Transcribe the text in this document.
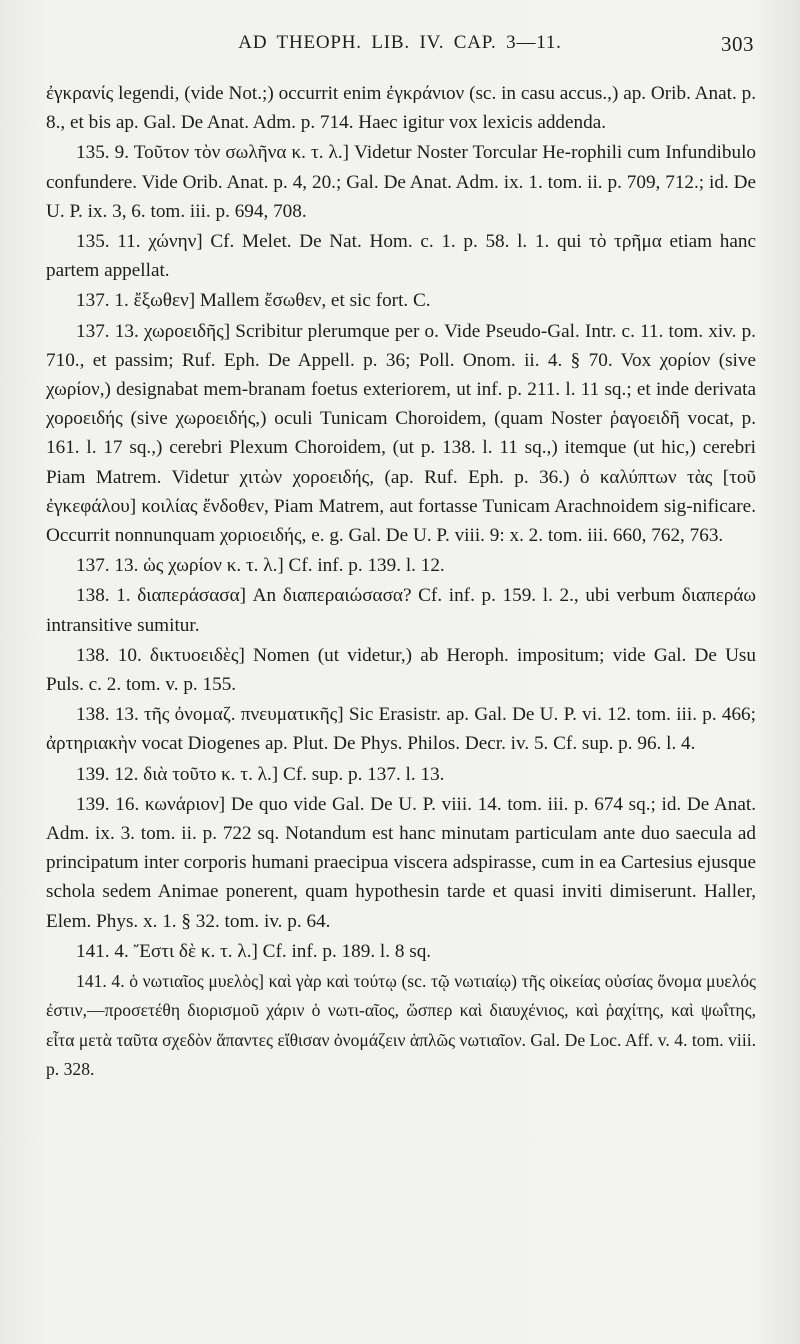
AD THEOPH. LIB. IV. CAP. 3—11.	303

ἐγκρανίς legendi, (vide Not.;) occurrit enim ἐγκράνιον (sc. in casu accus.,) ap. Orib. Anat. p. 8., et bis ap. Gal. De Anat. Adm. p. 714. Haec igitur vox lexicis addenda.

135. 9. Τοῦτον τὸν σωλῆνα κ. τ. λ.] Videtur Noster Torcular He-rophili cum Infundibulo confundere. Vide Orib. Anat. p. 4, 20.; Gal. De Anat. Adm. ix. 1. tom. ii. p. 709, 712.; id. De U. P. ix. 3, 6. tom. iii. p. 694, 708.

135. 11. χώνην] Cf. Melet. De Nat. Hom. c. 1. p. 58. l. 1. qui τὸ τρῆμα etiam hanc partem appellat.

137. 1. ἔξωθεν] Mallem ἔσωθεν, et sic fort. C.

137. 13. χωροειδῆς] Scribitur plerumque per ο. Vide Pseudo-Gal. Intr. c. 11. tom. xiv. p. 710., et passim; Ruf. Eph. De Appell. p. 36; Poll. Onom. ii. 4. § 70. Vox χορίον (sive χωρίον,) designabat mem-branam foetus exteriorem, ut inf. p. 211. l. 11 sq.; et inde derivata χοροειδής (sive χωροειδής,) oculi Tunicam Choroidem, (quam Noster ῥαγοειδῆ vocat, p. 161. l. 17 sq.,) cerebri Plexum Choroidem, (ut p. 138. l. 11 sq.,) itemque (ut hic,) cerebri Piam Matrem. Videtur χιτὼν χοροειδής, (ap. Ruf. Eph. p. 36.) ὁ καλύπτων τὰς [τοῦ ἐγκεφάλου] κοιλίας ἔνδοθεν, Piam Matrem, aut fortasse Tunicam Arachnoidem sig-nificare. Occurrit nonnunquam χοριοειδής, e. g. Gal. De U. P. viii. 9: x. 2. tom. iii. 660, 762, 763.

137. 13. ὡς χωρίον κ. τ. λ.] Cf. inf. p. 139. l. 12.

138. 1. διαπεράσασα] An διαπεραιώσασα? Cf. inf. p. 159. l. 2., ubi verbum διαπεράω intransitive sumitur.

138. 10. δικτυοειδὲς] Nomen (ut videtur,) ab Heroph. impositum; vide Gal. De Usu Puls. c. 2. tom. v. p. 155.

138. 13. τῆς ὀνομαζ. πνευματικῆς] Sic Erasistr. ap. Gal. De U. P. vi. 12. tom. iii. p. 466; ἀρτηριακὴν vocat Diogenes ap. Plut. De Phys. Philos. Decr. iv. 5. Cf. sup. p. 96. l. 4.

139. 12. διὰ τοῦτο κ. τ. λ.] Cf. sup. p. 137. l. 13.

139. 16. κωνάριον] De quo vide Gal. De U. P. viii. 14. tom. iii. p. 674 sq.; id. De Anat. Adm. ix. 3. tom. ii. p. 722 sq. Notandum est hanc minutam particulam ante duo saecula ad principatum inter corporis humani praecipua viscera adspirasse, cum in ea Cartesius ejusque schola sedem Animae ponerent, quam hypothesin tarde et quasi inviti dimiserunt. Haller, Elem. Phys. x. 1. § 32. tom. iv. p. 64.

141. 4. Ἔστι δὲ κ. τ. λ.] Cf. inf. p. 189. l. 8 sq.

141. 4. ὁ νωτιαῖος μυελὸς] καὶ γὰρ καὶ τούτῳ (sc. τῷ νωτιαίῳ) τῆς οἰκείας οὐσίας ὄνομα μυελός ἐστιν,—προσετέθη διορισμοῦ χάριν ὁ νωτι-αῖος, ὥσπερ καὶ διαυχένιος, καὶ ῥαχίτης, καὶ ψωΐτης, εἶτα μετὰ ταῦτα σχεδὸν ἅπαντες εἴθισαν ὀνομάζειν ἁπλῶς νωτιαῖον. Gal. De Loc. Aff. v. 4. tom. viii. p. 328.
